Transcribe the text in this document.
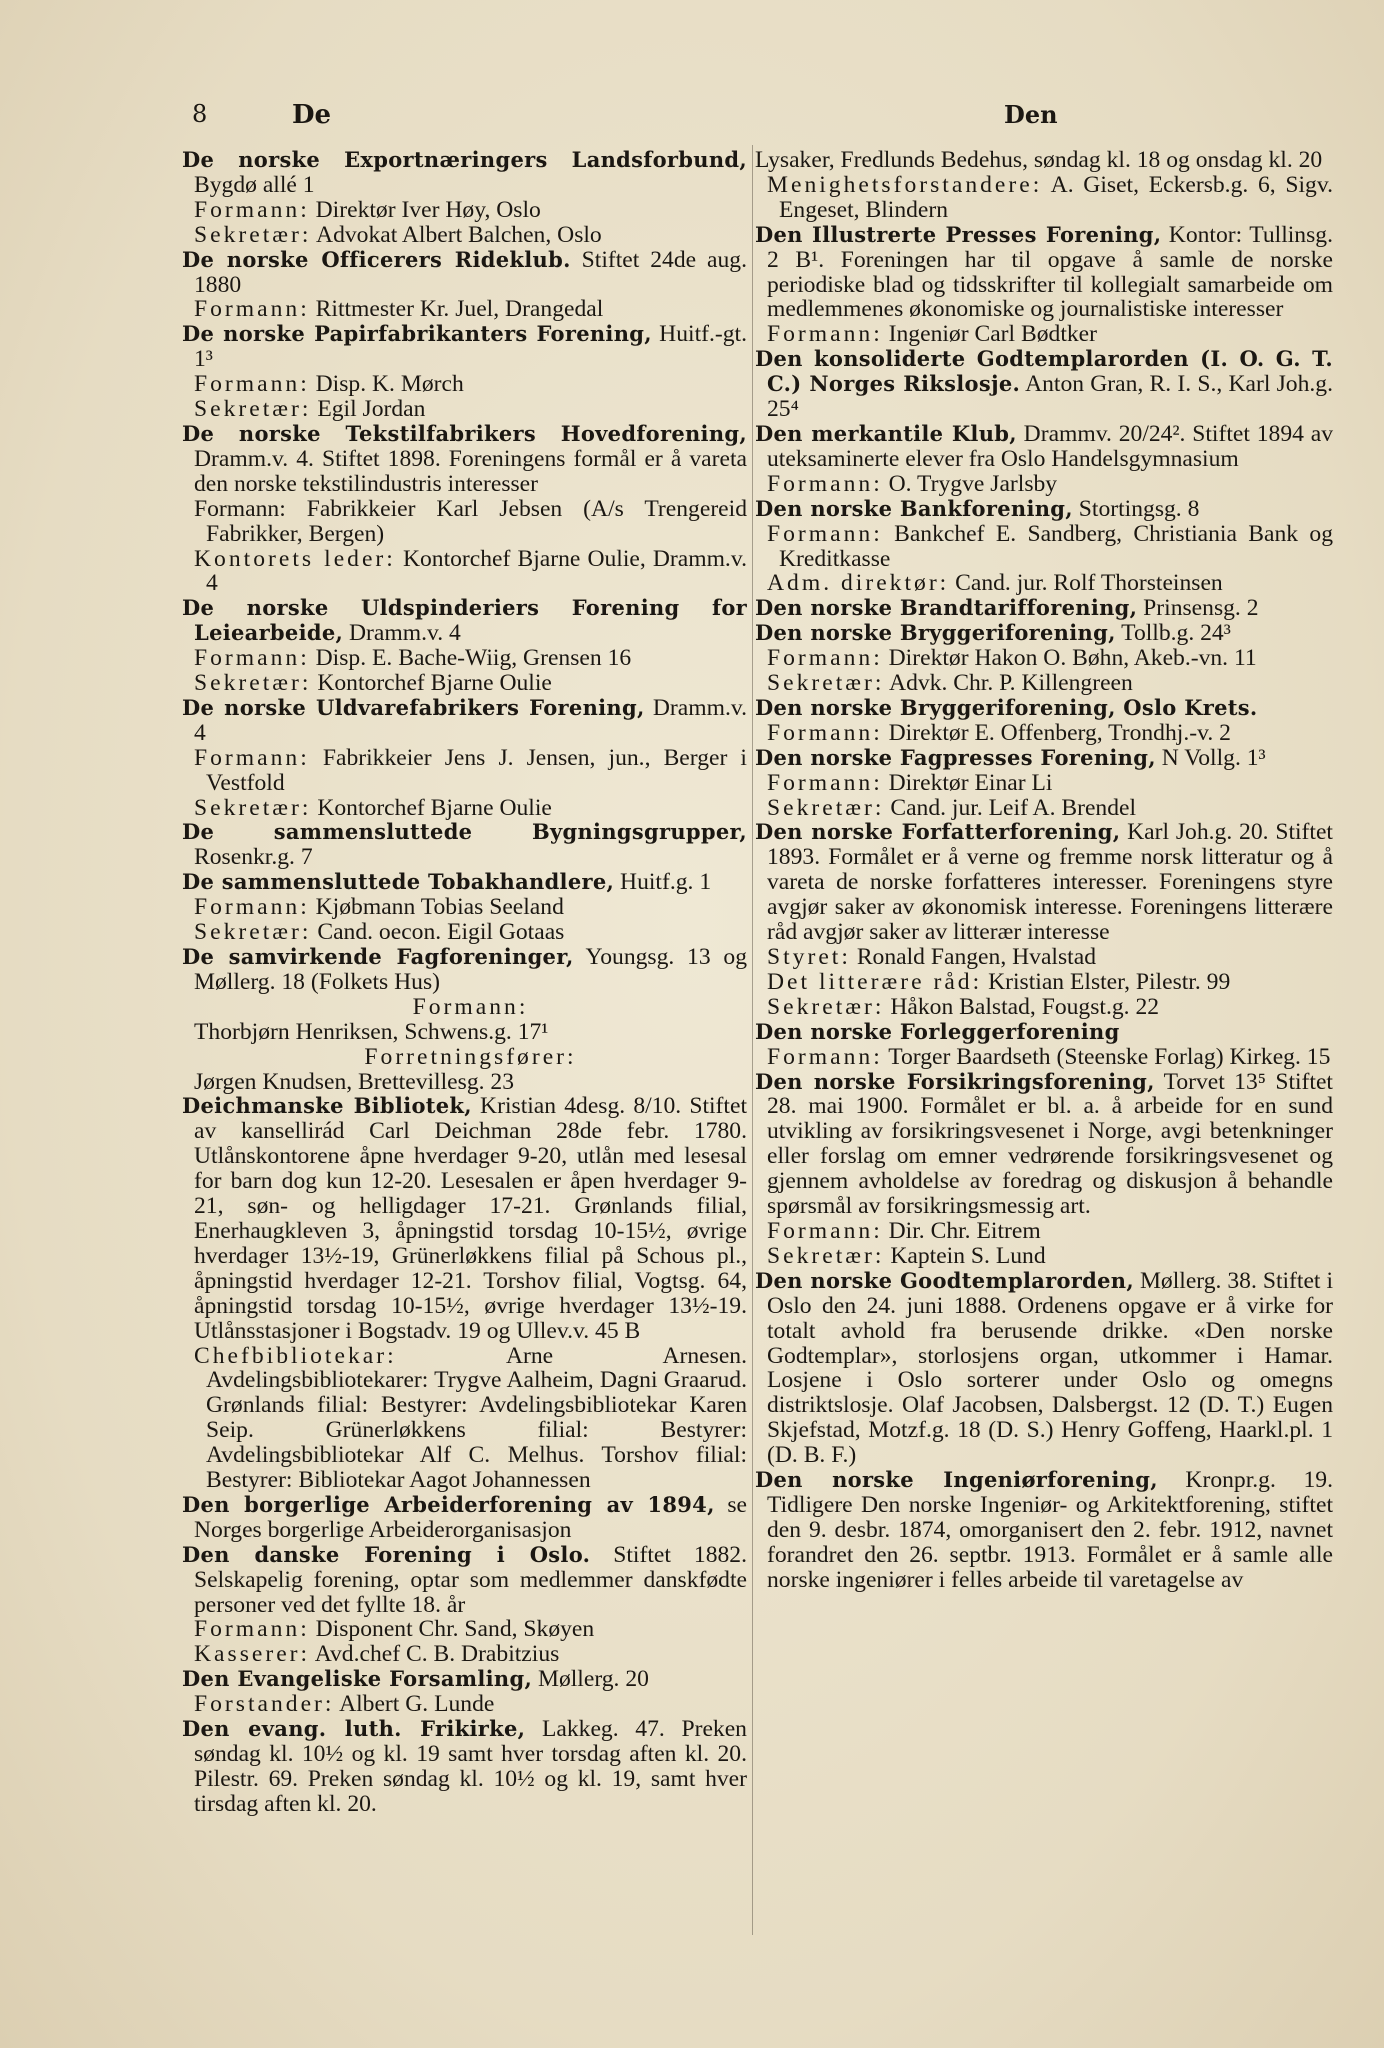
8	De	Den
De norske Exportnæringers Landsforbund, Bygdø allé 1
Formann: Direktør Iver Høy, Oslo
Sekretær: Advokat Albert Balchen, Oslo
De norske Officerers Rideklub. Stiftet 24de aug. 1880
Formann: Rittmester Kr. Juel, Drangedal
De norske Papirfabrikanters Forening, Huitf.-gt. 1³
Formann: Disp. K. Mørch
Sekretær: Egil Jordan
De norske Tekstilfabrikers Hovedforening, Dramm.v. 4. Stiftet 1898. Foreningens formål er å vareta den norske tekstilindustris interesser
Formann: Fabrikkeier Karl Jebsen (A/s Trengereid Fabrikker, Bergen)
Kontorets leder: Kontorchef Bjarne Oulie, Dramm.v. 4
De norske Uldspinderiers Forening for Leiearbeide, Dramm.v. 4
Formann: Disp. E. Bache-Wiig, Grensen 16
Sekretær: Kontorchef Bjarne Oulie
De norske Uldvarefabrikers Forening, Dramm.v. 4
Formann: Fabrikkeier Jens J. Jensen, jun., Berger i Vestfold
Sekretær: Kontorchef Bjarne Oulie
De sammensluttede Bygningsgrupper, Rosenkr.g. 7
De sammensluttede Tobakhandlere, Huitf.g. 1
Formann: Kjøbmann Tobias Seeland
Sekretær: Cand. oecon. Eigil Gotaas
De samvirkende Fagforeninger, Youngsg. 13 og Møllerg. 18 (Folkets Hus)
Formann:
Thorbjørn Henriksen, Schwens.g. 17¹
Forretningsfører:
Jørgen Knudsen, Brettevillesg. 23
Deichmanske Bibliotek, Kristian 4desg. 8/10. Stiftet av kansellirád Carl Deichman 28de febr. 1780. Utlånskontorene åpne hverdager 9-20, utlån med lesesal for barn dog kun 12-20. Lesesalen er åpen hverdager 9-21, søn- og helligdager 17-21. Grønlands filial, Enerhaugkleven 3, åpningstid torsdag 10-15½, øvrige hverdager 13½-19, Grünerløkkens filial på Schous pl., åpningstid hverdager 12-21. Torshov filial, Vogtsg. 64, åpningstid torsdag 10-15½, øvrige hverdager 13½-19. Utlånsstasjoner i Bogstadv. 19 og Ullev.v. 45 B
Chefbibliotekar: Arne Arnesen. Avdelingsbibliotekarer: Trygve Aalheim, Dagni Graarud. Grønlands filial: Bestyrer: Avdelingsbibliotekar Karen Seip. Grünerløkkens filial: Bestyrer: Avdelingsbibliotekar Alf C. Melhus. Torshov filial: Bestyrer: Bibliotekar Aagot Johannessen
Den borgerlige Arbeiderforening av 1894, se Norges borgerlige Arbeiderorganisasjon
Den danske Forening i Oslo. Stiftet 1882. Selskapelig forening, optar som medlemmer danskfødte personer ved det fyllte 18. år
Formann: Disponent Chr. Sand, Skøyen
Kasserer: Avd.chef C. B. Drabitzius
Den Evangeliske Forsamling, Møllerg. 20
Forstander: Albert G. Lunde
Den evang. luth. Frikirke, Lakkeg. 47. Preken søndag kl. 10½ og kl. 19 samt hver torsdag aften kl. 20. Pilestr. 69. Preken søndag kl. 10½ og kl. 19, samt hver tirsdag aften kl. 20.
Lysaker, Fredlunds Bedehus, søndag kl. 18 og onsdag kl. 20
Menighetsforstandere: A. Giset, Eckersb.g. 6, Sigv. Engeset, Blindern
Den Illustrerte Presses Forening, Kontor: Tullinsg. 2 B¹. Foreningen har til opgave å samle de norske periodiske blad og tidsskrifter til kollegialt samarbeide om medlemmenes økonomiske og journalistiske interesser
Formann: Ingeniør Carl Bødtker
Den konsoliderte Godtemplarorden (I. O. G. T. C.) Norges Rikslosje. Anton Gran, R. I. S., Karl Joh.g. 25⁴
Den merkantile Klub, Drammv. 20/24². Stiftet 1894 av uteksaminerte elever fra Oslo Handelsgymnasium
Formann: O. Trygve Jarlsby
Den norske Bankforening, Stortingsg. 8
Formann: Bankchef E. Sandberg, Christiania Bank og Kreditkasse
Adm. direktør: Cand. jur. Rolf Thorsteinsen
Den norske Brandtarifforening, Prinsensg. 2
Den norske Bryggeriforening, Tollb.g. 24³
Formann: Direktør Hakon O. Bøhn, Akeb.-vn. 11
Sekretær: Advk. Chr. P. Killengreen
Den norske Bryggeriforening, Oslo Krets.
Formann: Direktør E. Offenberg, Trondhj.-v. 2
Den norske Fagpresses Forening, N Vollg. 1³
Formann: Direktør Einar Li
Sekretær: Cand. jur. Leif A. Brendel
Den norske Forfatterforening, Karl Joh.g. 20. Stiftet 1893. Formålet er å verne og fremme norsk litteratur og å vareta de norske forfatteres interesser. Foreningens styre avgjør saker av økonomisk interesse. Foreningens litterære råd avgjør saker av litterær interesse
Styret: Ronald Fangen, Hvalstad
Det litterære råd: Kristian Elster, Pilestr. 99
Sekretær: Håkon Balstad, Fougst.g. 22
Den norske Forleggerforening
Formann: Torger Baardseth (Steenske Forlag) Kirkeg. 15
Den norske Forsikringsforening, Torvet 13⁵ Stiftet 28. mai 1900. Formålet er bl. a. å arbeide for en sund utvikling av forsikringsvesenet i Norge, avgi betenkninger eller forslag om emner vedrørende forsikringsvesenet og gjennem avholdelse av foredrag og diskusjon å behandle spørsmål av forsikringsmessig art.
Formann: Dir. Chr. Eitrem
Sekretær: Kaptein S. Lund
Den norske Goodtemplarorden, Møllerg. 38. Stiftet i Oslo den 24. juni 1888. Ordenens opgave er å virke for totalt avhold fra berusende drikke. «Den norske Godtemplar», storlosjens organ, utkommer i Hamar. Losjene i Oslo sorterer under Oslo og omegns distriktslosje. Olaf Jacobsen, Dalsbergst. 12 (D. T.) Eugen Skjefstad, Motzf.g. 18 (D. S.) Henry Goffeng, Haarkl.pl. 1 (D. B. F.)
Den norske Ingeniørforening, Kronpr.g. 19. Tidligere Den norske Ingeniør- og Arkitektforening, stiftet den 9. desbr. 1874, omorganisert den 2. febr. 1912, navnet forandret den 26. septbr. 1913. Formålet er å samle alle norske ingeniører i felles arbeide til varetagelse av
